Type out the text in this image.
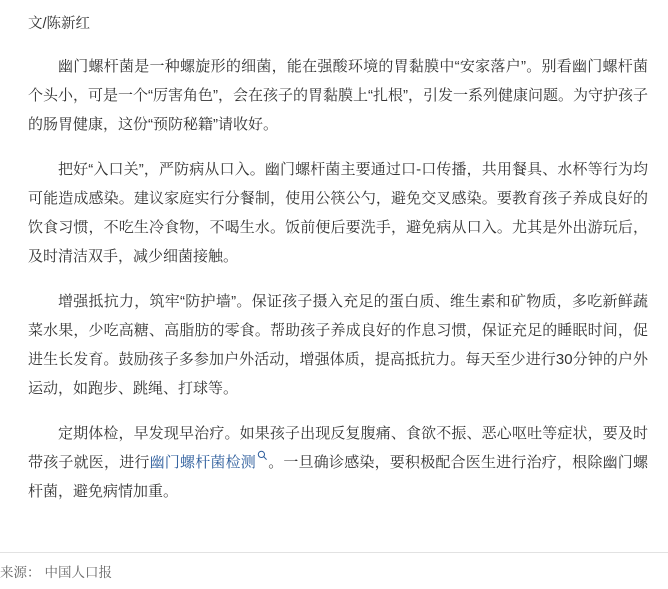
文/陈新红

幽门螺杆菌是一种螺旋形的细菌，能在强酸环境的胃黏膜中“安家落户”。别看幽门螺杆菌个头小，可是一个“厉害角色”，会在孩子的胃黏膜上“扎根”，引发一系列健康问题。为守护孩子的肠胃健康，这份“预防秘籍”请收好。

把好“入口关”，严防病从口入。幽门螺杆菌主要通过口-口传播，共用餐具、水杯等行为均可能造成感染。建议家庭实行分餐制，使用公筷公勺，避免交叉感染。要教育孩子养成良好的饮食习惯，不吃生冷食物，不喝生水。饭前便后要洗手，避免病从口入。尤其是外出游玩后，及时清洁双手，减少细菌接触。

增强抵抗力，筑牢“防护墙”。保证孩子摄入充足的蛋白质、维生素和矿物质，多吃新鲜蔬菜水果，少吃高糖、高脂肪的零食。帮助孩子养成良好的作息习惯，保证充足的睡眠时间，促进生长发育。鼓励孩子多参加户外活动，增强体质，提高抵抗力。每天至少进行30分钟的户外运动，如跑步、跳绳、打球等。

定期体检，早发现早治疗。如果孩子出现反复腹痛、食欲不振、恶心呕吐等症状，要及时带孩子就医，进行幽门螺杆菌检测 。一旦确诊感染，要积极配合医生进行治疗，根除幽门螺杆菌，避免病情加重。

来源： 中国人口报
